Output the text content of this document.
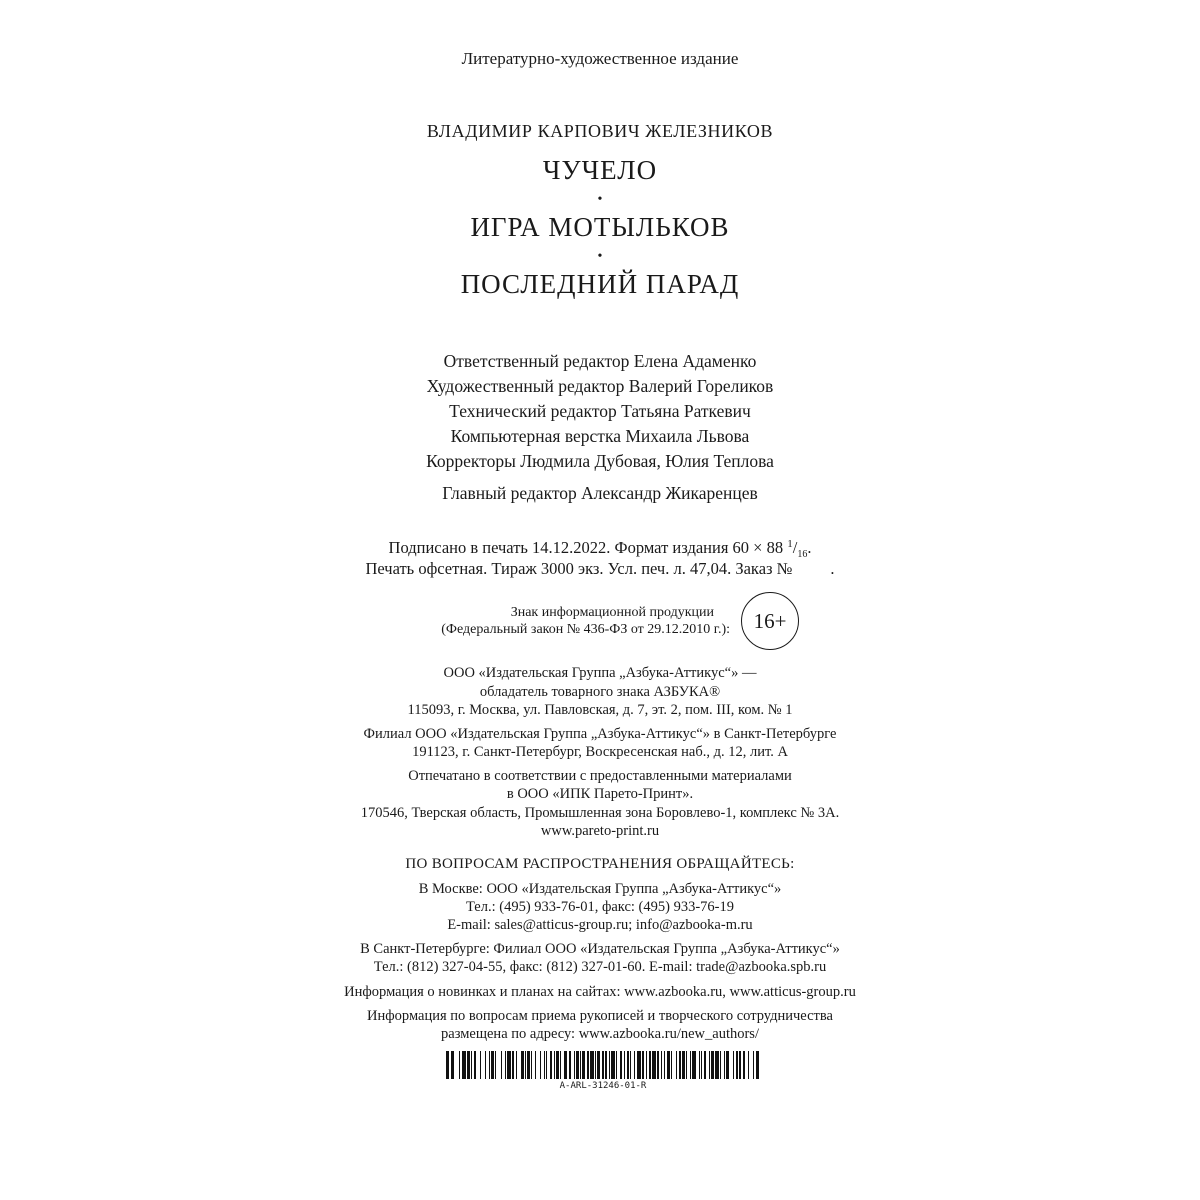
Литературно-художественное издание
ВЛАДИМИР КАРПОВИЧ ЖЕЛЕЗНИКОВ
ЧУЧЕЛО
•
ИГРА МОТЫЛЬКОВ
•
ПОСЛЕДНИЙ ПАРАД
Ответственный редактор Елена Адаменко
Художественный редактор Валерий Гореликов
Технический редактор Татьяна Раткевич
Компьютерная верстка Михаила Львова
Корректоры Людмила Дубовая, Юлия Теплова
Главный редактор Александр Жикаренцев
Подписано в печать 14.12.2022. Формат издания 60 × 88 $^1/_{16}$.
Печать офсетная. Тираж 3000 экз. Усл. печ. л. 47,04. Заказ № .
Знак информационной продукции
(Федеральный закон № 436-ФЗ от 29.12.2010 г.): 16+
ООО «Издательская Группа „Азбука-Аттикус“» —
обладатель товарного знака АЗБУКА®
115093, г. Москва, ул. Павловская, д. 7, эт. 2, пом. III, ком. № 1
Филиал ООО «Издательская Группа „Азбука-Аттикус“» в Санкт-Петербурге
191123, г. Санкт-Петербург, Воскресенская наб., д. 12, лит. А
Отпечатано в соответствии с предоставленными материалами
в ООО «ИПК Парето-Принт».
170546, Тверская область, Промышленная зона Боровлево-1, комплекс № 3А.
www.pareto-print.ru
ПО ВОПРОСАМ РАСПРОСТРАНЕНИЯ ОБРАЩАЙТЕСЬ:
В Москве: ООО «Издательская Группа „Азбука-Аттикус“»
Тел.: (495) 933-76-01, факс: (495) 933-76-19
E-mail: sales@atticus-group.ru; info@azbooka-m.ru
В Санкт-Петербурге: Филиал ООО «Издательская Группа „Азбука-Аттикус“»
Тел.: (812) 327-04-55, факс: (812) 327-01-60. E-mail: trade@azbooka.spb.ru
Информация о новинках и планах на сайтах: www.azbooka.ru, www.atticus-group.ru
Информация по вопросам приема рукописей и творческого сотрудничества
размещена по адресу: www.azbooka.ru/new_authors/
A-ARL-31246-01-R
